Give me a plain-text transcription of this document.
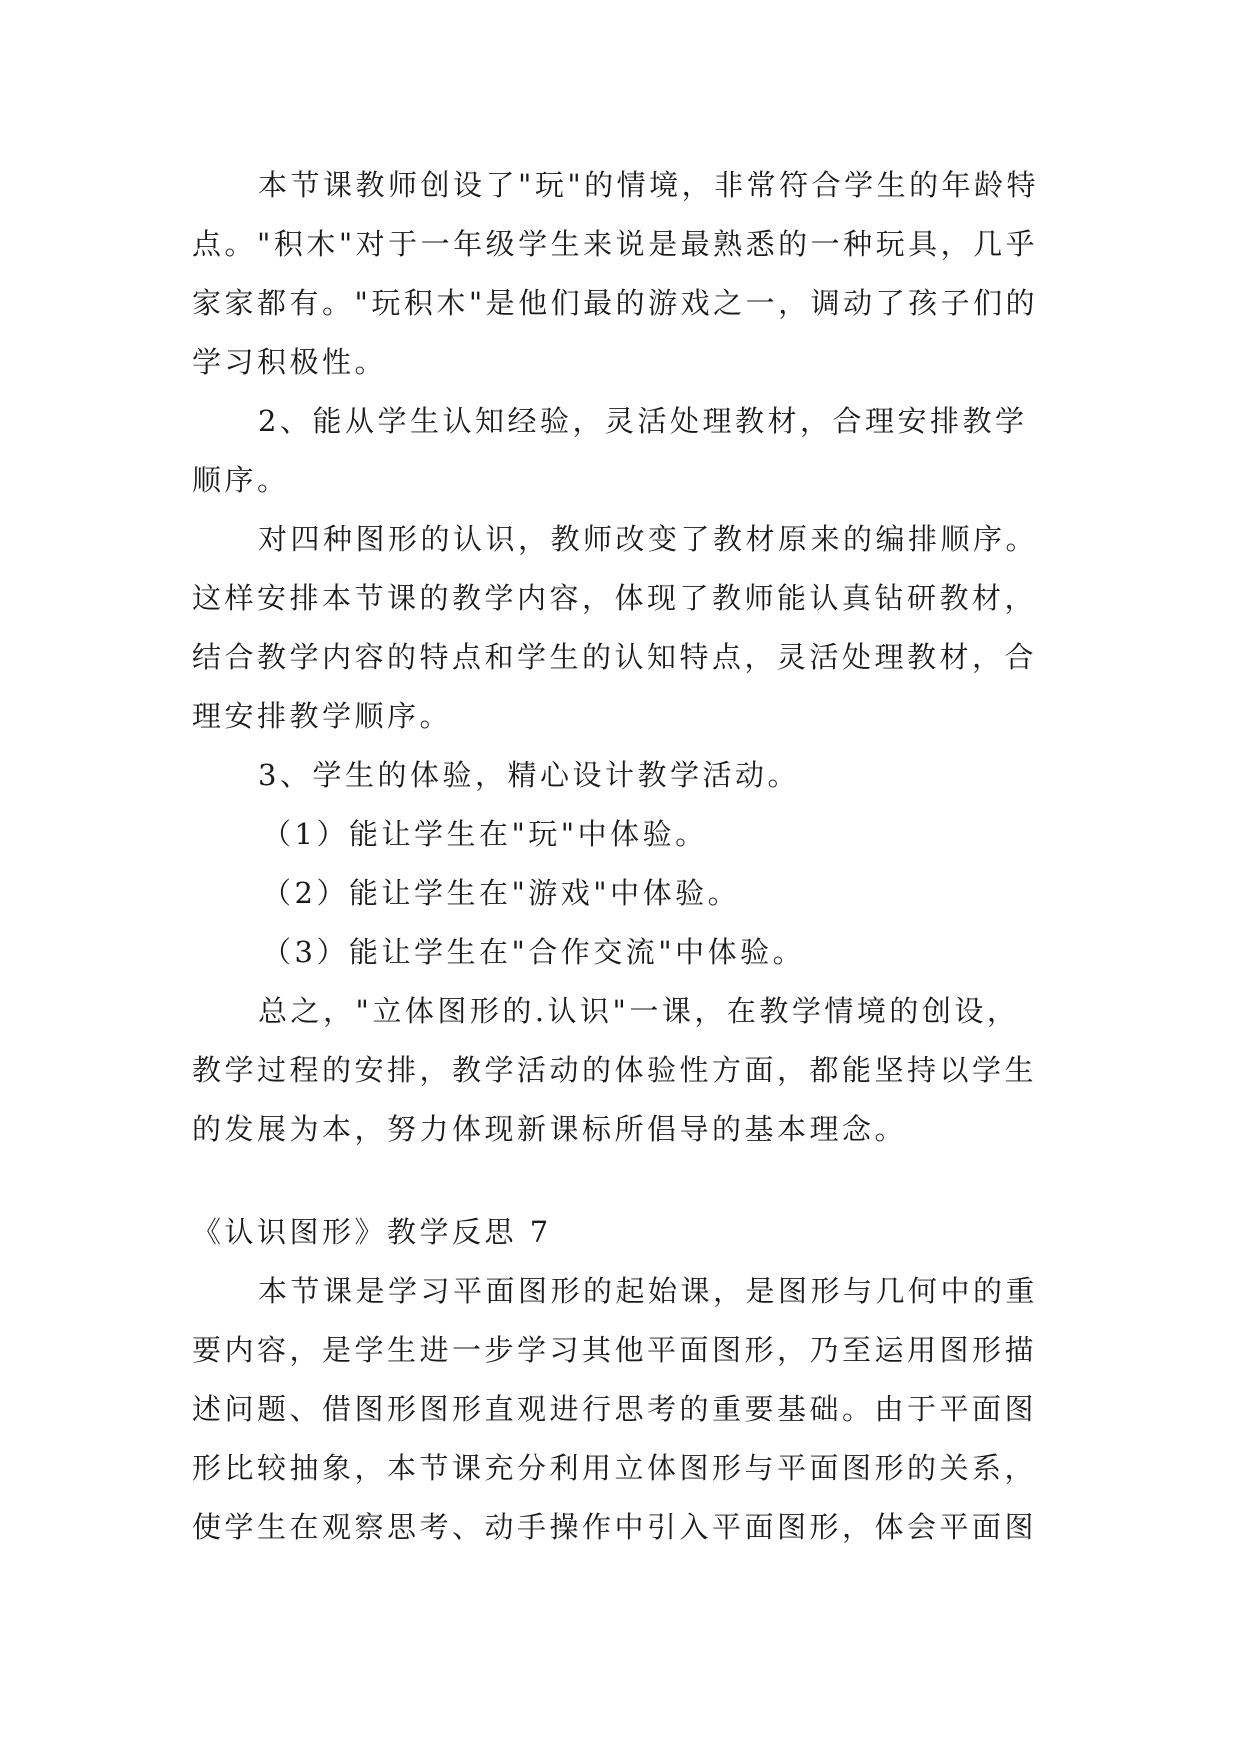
本节课教师创设了"玩"的情境，非常符合学生的年龄特

点。"积木"对于一年级学生来说是最熟悉的一种玩具，几乎

家家都有。"玩积木"是他们最的游戏之一，调动了孩子们的

学习积极性。

2、能从学生认知经验，灵活处理教材，合理安排教学

顺序。

对四种图形的认识，教师改变了教材原来的编排顺序。

这样安排本节课的教学内容，体现了教师能认真钻研教材，

结合教学内容的特点和学生的认知特点，灵活处理教材，合

理安排教学顺序。

3、学生的体验，精心设计教学活动。

（1）能让学生在"玩"中体验。

（2）能让学生在"游戏"中体验。

（3）能让学生在"合作交流"中体验。

总之，"立体图形的.认识"一课，在教学情境的创设，

教学过程的安排，教学活动的体验性方面，都能坚持以学生

的发展为本，努力体现新课标所倡导的基本理念。

《认识图形》教学反思 7

本节课是学习平面图形的起始课，是图形与几何中的重

要内容，是学生进一步学习其他平面图形，乃至运用图形描

述问题、借图形图形直观进行思考的重要基础。由于平面图

形比较抽象，本节课充分利用立体图形与平面图形的关系，

使学生在观察思考、动手操作中引入平面图形，体会平面图
